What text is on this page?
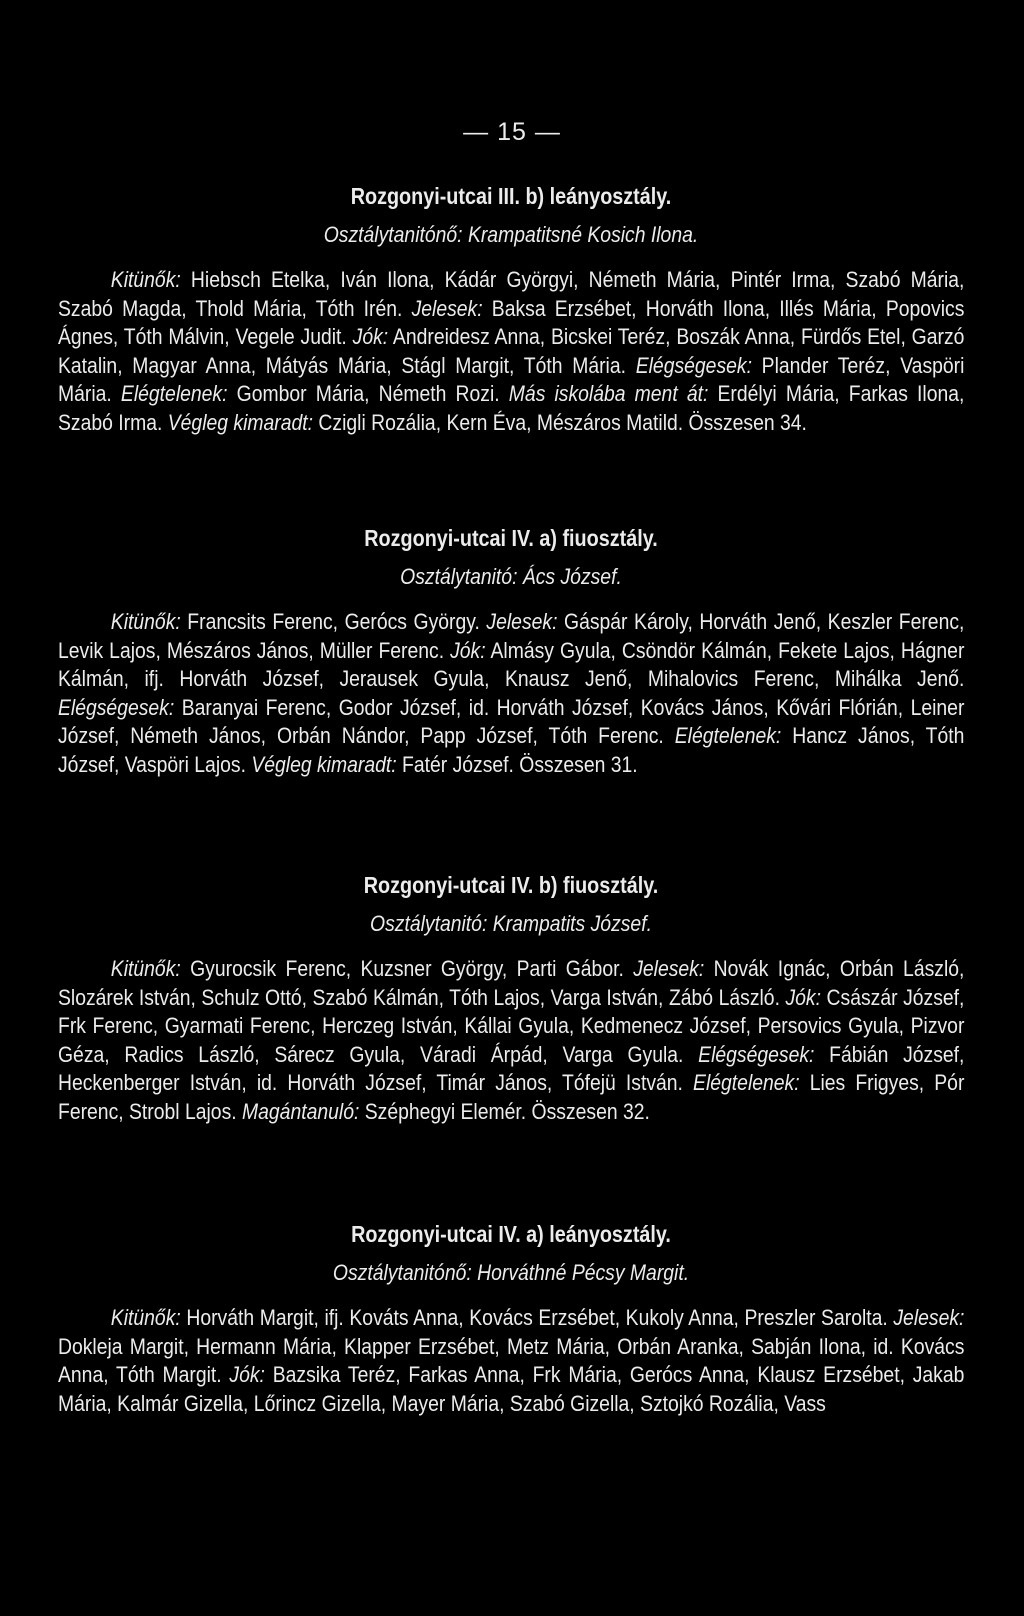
— 15 —
Rozgonyi-utcai III. b) leányosztály.

Osztálytanitónő: Krampatitsné Kosich Ilona.

Kitünők: Hiebsch Etelka, Iván Ilona, Kádár Györgyi, Németh Mária, Pintér Irma, Szabó Mária, Szabó Magda, Thold Mária, Tóth Irén. Jelesek: Baksa Erzsébet, Horváth Ilona, Illés Mária, Popovics Ágnes, Tóth Málvin, Vegele Judit. Jók: Andreidesz Anna, Bicskei Teréz, Boszák Anna, Fürdős Etel, Garzó Katalin, Magyar Anna, Mátyás Mária, Stágl Margit, Tóth Mária. Elégségesek: Plander Teréz, Vaspöri Mária. Elégtelenek: Gombor Mária, Németh Rozi. Más iskolába ment át: Erdélyi Mária, Farkas Ilona, Szabó Irma. Végleg kimaradt: Czigli Rozália, Kern Éva, Mészáros Matild. Összesen 34.

Rozgonyi-utcai IV. a) fiuosztály.

Osztálytanitó: Ács József.

Kitünők: Francsits Ferenc, Gerócs György. Jelesek: Gáspár Károly, Horváth Jenő, Keszler Ferenc, Levik Lajos, Mészáros János, Müller Ferenc. Jók: Almásy Gyula, Csöndör Kálmán, Fekete Lajos, Hágner Kálmán, ifj. Horváth József, Jerausek Gyula, Knausz Jenő, Mihalovics Ferenc, Mihálka Jenő. Elégségesek: Baranyai Ferenc, Godor József, id. Horváth József, Kovács János, Kővári Flórián, Leiner József, Németh János, Orbán Nándor, Papp József, Tóth Ferenc. Elégtelenek: Hancz János, Tóth József, Vaspöri Lajos. Végleg kimaradt: Fatér József. Összesen 31.

Rozgonyi-utcai IV. b) fiuosztály.

Osztálytanitó: Krampatits József.

Kitünők: Gyurocsik Ferenc, Kuzsner György, Parti Gábor. Jelesek: Novák Ignác, Orbán László, Slozárek István, Schulz Ottó, Szabó Kálmán, Tóth Lajos, Varga István, Zábó László. Jók: Császár József, Frk Ferenc, Gyarmati Ferenc, Herczeg István, Kállai Gyula, Kedmenecz József, Persovics Gyula, Pizvor Géza, Radics László, Sárecz Gyula, Váradi Árpád, Varga Gyula. Elégségesek: Fábián József, Heckenberger István, id. Horváth József, Timár János, Tófejü István. Elégtelenek: Lies Frigyes, Pór Ferenc, Strobl Lajos. Magántanuló: Széphegyi Elemér. Összesen 32.

Rozgonyi-utcai IV. a) leányosztály.

Osztálytanitónő: Horváthné Pécsy Margit.

Kitünők: Horváth Margit, ifj. Kováts Anna, Kovács Erzsébet, Kukoly Anna, Preszler Sarolta. Jelesek: Dokleja Margit, Hermann Mária, Klapper Erzsébet, Metz Mária, Orbán Aranka, Sabján Ilona, id. Kovács Anna, Tóth Margit. Jók: Bazsika Teréz, Farkas Anna, Frk Mária, Gerócs Anna, Klausz Erzsébet, Jakab Mária, Kalmár Gizella, Lőrincz Gizella, Mayer Mária, Szabó Gizella, Sztojkó Rozália, Vass
